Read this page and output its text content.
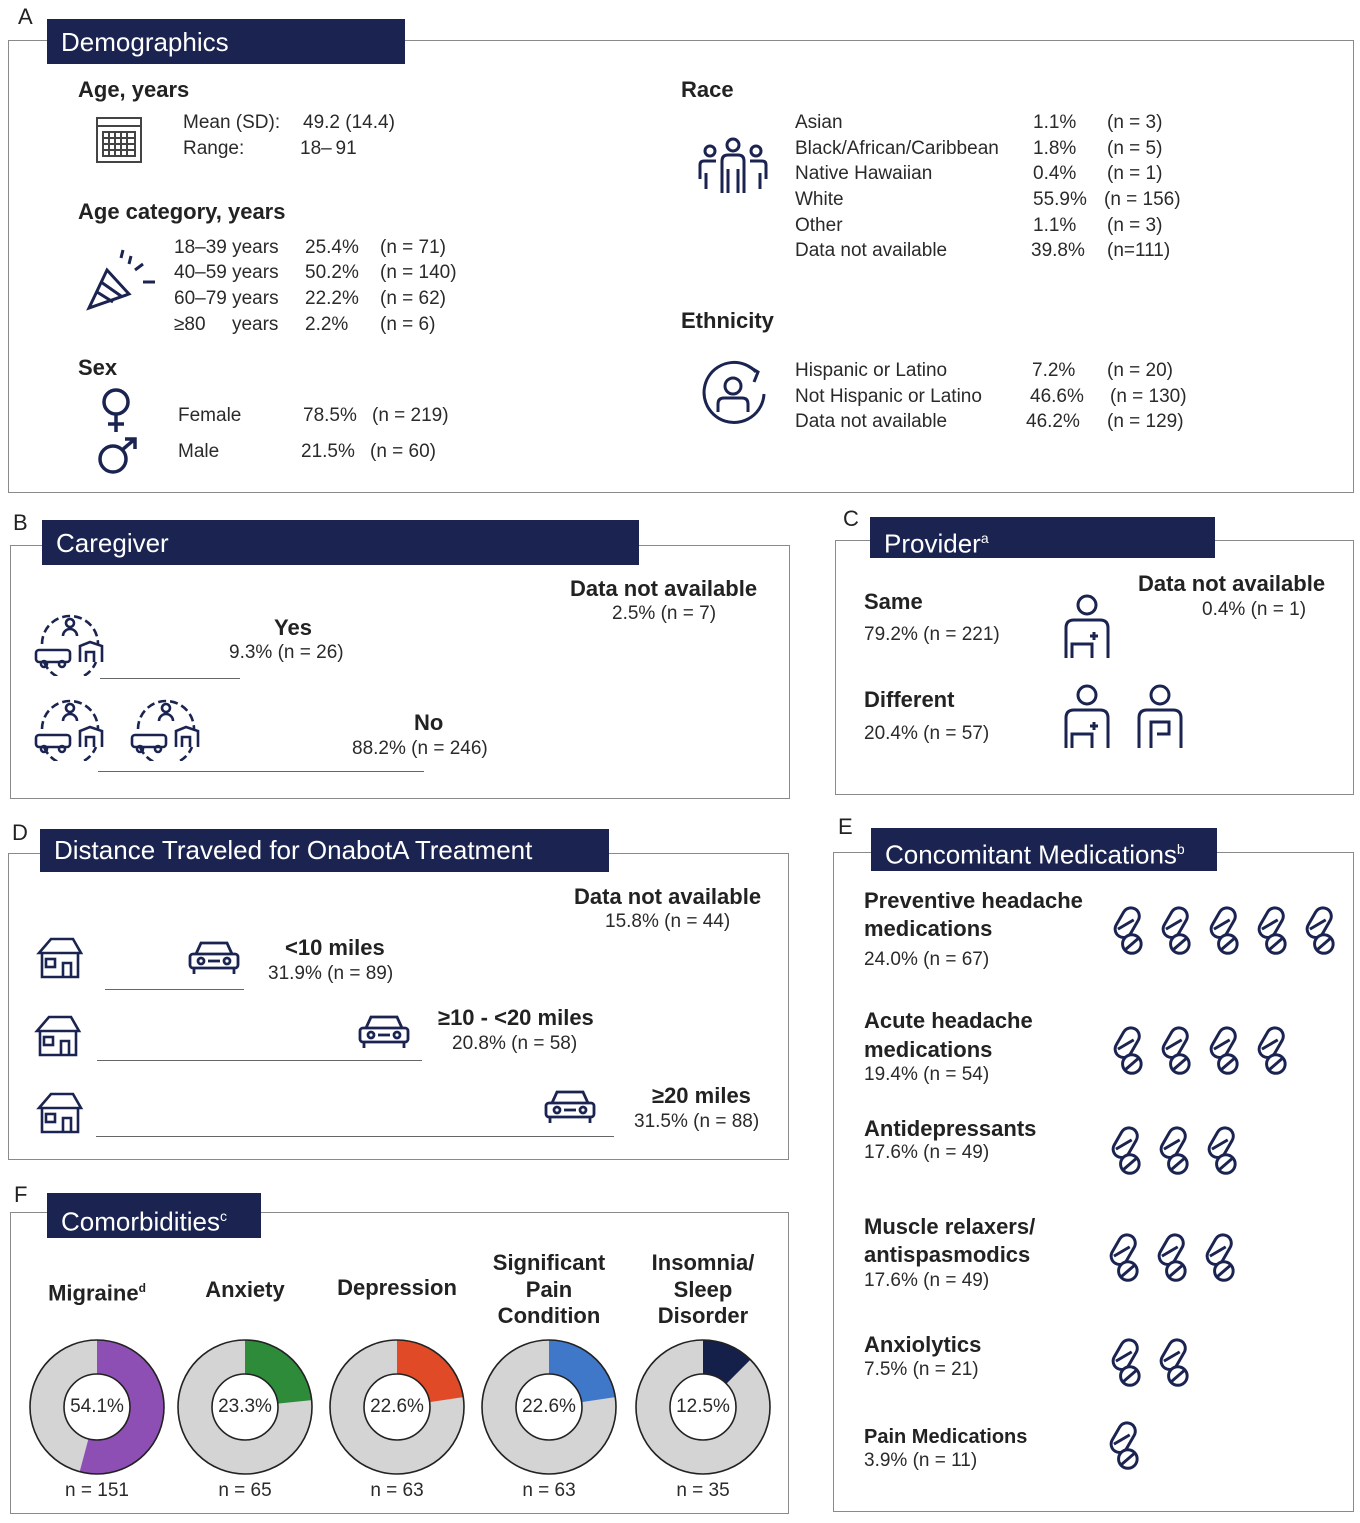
A
Demographics
Age, years
Mean (SD): 49.2 (14.4)
Range:	18– 91
Age category, years
18–39 years 25.4% (n = 71)
40–59 years 50.2% (n = 140)
60–79 years 22.2% (n = 62)
≥80     years 2.2% (n = 6)
Sex
Female	78.5% (n = 219)
Male	21.5% (n = 60)
Race
Asian	1.1% (n = 3)
Black/African/Caribbean 1.8% (n = 5)
Native Hawaiian	0.4% (n = 1)
White	55.9% (n = 156)
Other	1.1% (n = 3)
Data not available	39.8% (n=111)
Ethnicity
Hispanic or Latino	7.2% (n = 20)
Not Hispanic or Latino	46.6% (n = 130)
Data not available	46.2% (n = 129)
B
Caregiver
Data not available
2.5% (n = 7)
Yes
9.3% (n = 26)
No
88.2% (n = 246)
C
Provider$^a$
Data not available
0.4% (n = 1)
Same
79.2% (n = 221)
Different
20.4% (n = 57)
D
Distance Traveled for OnabotA Treatment
Data not available
15.8% (n = 44)
<10 miles
31.9% (n = 89)
≥10 - <20 miles
20.8% (n = 58)
≥20 miles
31.5% (n = 88)
E
Concomitant Medications$^b$
Preventive headache
medications
24.0% (n = 67)
Acute headache
medications
19.4% (n = 54)
Antidepressants
17.6% (n = 49)
Muscle relaxers/
antispasmodics
17.6% (n = 49)
Anxiolytics
7.5% (n = 21)
Pain Medications
3.9% (n = 11)
F
Comorbidities$^c$
Migraine$^d$
54.1%
n = 151
Anxiety
23.3%
n = 65
Depression
22.6%
n = 63
Significant
Pain
Condition
22.6%
n = 63
Insomnia/
Sleep
Disorder
12.5%
n = 35
